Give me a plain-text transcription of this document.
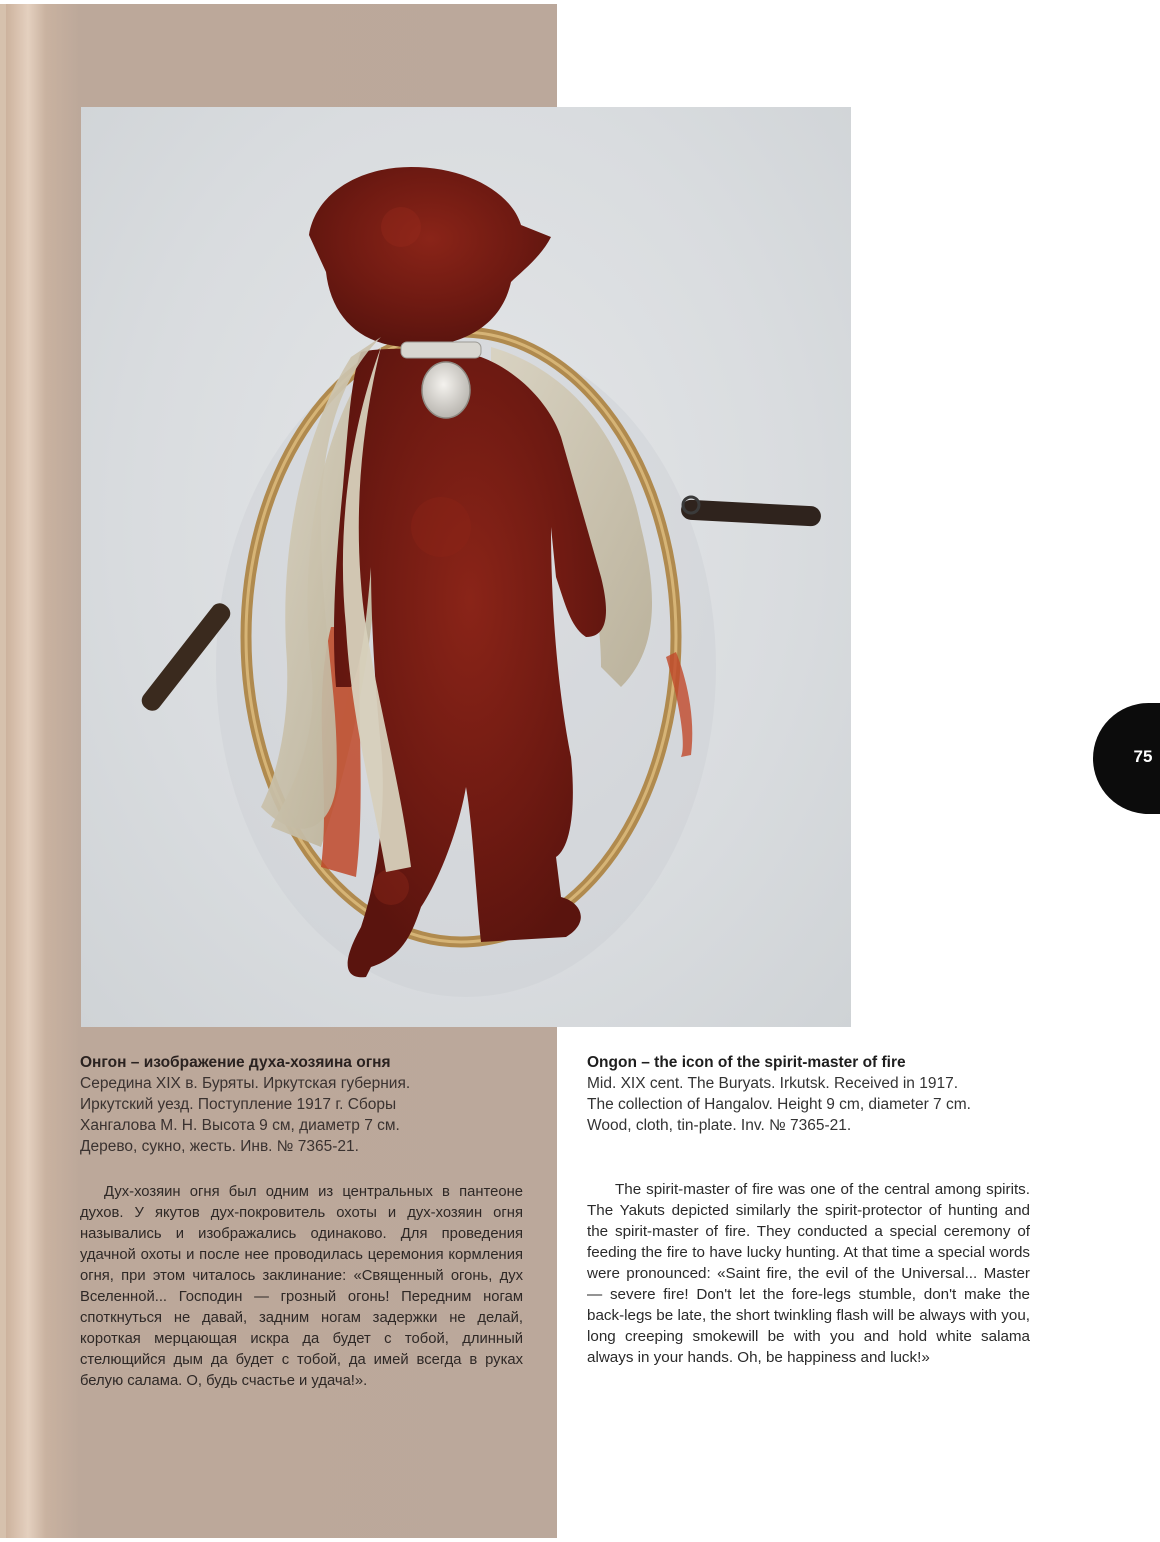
Онгон – изображение духа-хозяина огня
Середина XIX в. Буряты. Иркутская губерния.
Иркутский уезд. Поступление 1917 г. Сборы
Хангалова М. Н. Высота 9 см, диаметр 7 см.
Дерево, сукно, жесть. Инв. № 7365-21.
Дух-хозяин огня был одним из центральных в пантеоне духов. У якутов дух-покровитель охоты и дух-хозяин огня назывались и изображались одинаково. Для проведения удачной охоты и после нее проводилась церемония кормления огня, при этом читалось заклинание: «Священный огонь, дух Вселенной... Господин — грозный огонь! Передним ногам споткнуться не давай, задним ногам задержки не делай, короткая мерцающая искра да будет с тобой, длинный стелющийся дым да будет с тобой, да имей всегда в руках белую салама. О, будь счастье и удача!».
Ongon – the icon of the spirit-master of fire
Mid. XIX cent. The Buryats. Irkutsk. Received in 1917.
The collection of Hangalov. Height 9 cm, diameter 7 cm.
Wood, cloth, tin-plate. Inv. № 7365-21.
The spirit-master of fire was one of the central among spirits. The Yakuts depicted similarly the spirit-protector of hunting and the spirit-master of fire. They conducted a special ceremony of feeding the fire to have lucky hunting. At that time a special words were pronounced: «Saint fire, the evil of the Universal... Master — severe fire! Don't let the fore-legs stumble, don't make the back-legs be late, the short twinkling flash will be always with you, long creeping smokewill be with you and hold white salama always in your hands. Oh, be happiness and luck!»
75
